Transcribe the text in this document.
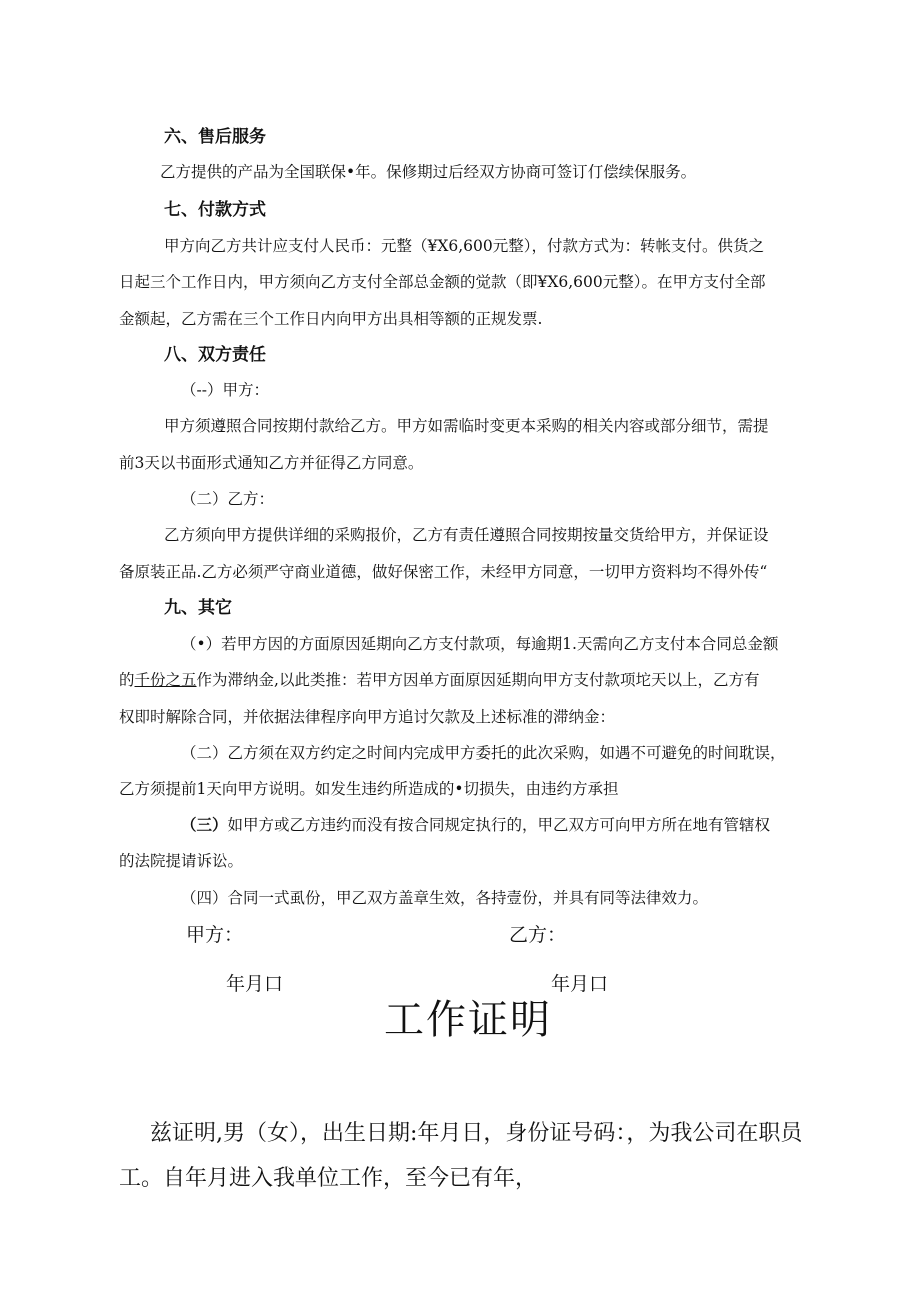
六、售后服务
乙方提供的产品为全国联保•年。保修期过后经双方协商可签订仃偿续保服务。
七、付款方式
甲方向乙方共计应支付人民币：元整（¥X6,600元整），付款方式为：转帐支付。供货之
日起三个工作日内，甲方须向乙方支付全部总金额的觉款（即¥X6,600元整）。在甲方支付全部
金额起，乙方需在三个工作日内向甲方出具相等额的正规发票.
八、双方责任
（--）甲方：
甲方须遵照合同按期付款给乙方。甲方如需临时变更本采购的相关内容或部分细节，需提
前3天以书面形式通知乙方并征得乙方同意。
（二）乙方：
乙方须向甲方提供详细的采购报价，乙方有责任遵照合同按期按量交货给甲方，并保证设
备原装正品.乙方必须严守商业道德，做好保密工作，未经甲方同意，一切甲方资料均不得外传“
九、其它
（•）若甲方因的方面原因延期向乙方支付款项，每逾期1.天需向乙方支付本合同总金额
的千份之五作为滞纳金,以此类推：若甲方因单方面原因延期向甲方支付款项坨天以上，乙方有
权即时解除合同，并依据法律程序向甲方追讨欠款及上述标准的滞纳金：
（二）乙方须在双方约定之时间内完成甲方委托的此次采购，如遇不可避免的时间耽误，
乙方须提前1天向甲方说明。如发生违约所造成的•切损失，由违约方承担
（三）如甲方或乙方违约而没有按合同规定执行的，甲乙双方可向甲方所在地有管辖权
的法院提请诉讼。
（四）合同一式虱份，甲乙双方盖章生效，各持壹份，并具有同等法律效力。
甲方：	乙方：
年月口	年月口
工作证明
兹证明,男（女），出生日期:年月日，身份证号码：，为我公司在职员
工。自年月进入我单位工作，至今已有年，
